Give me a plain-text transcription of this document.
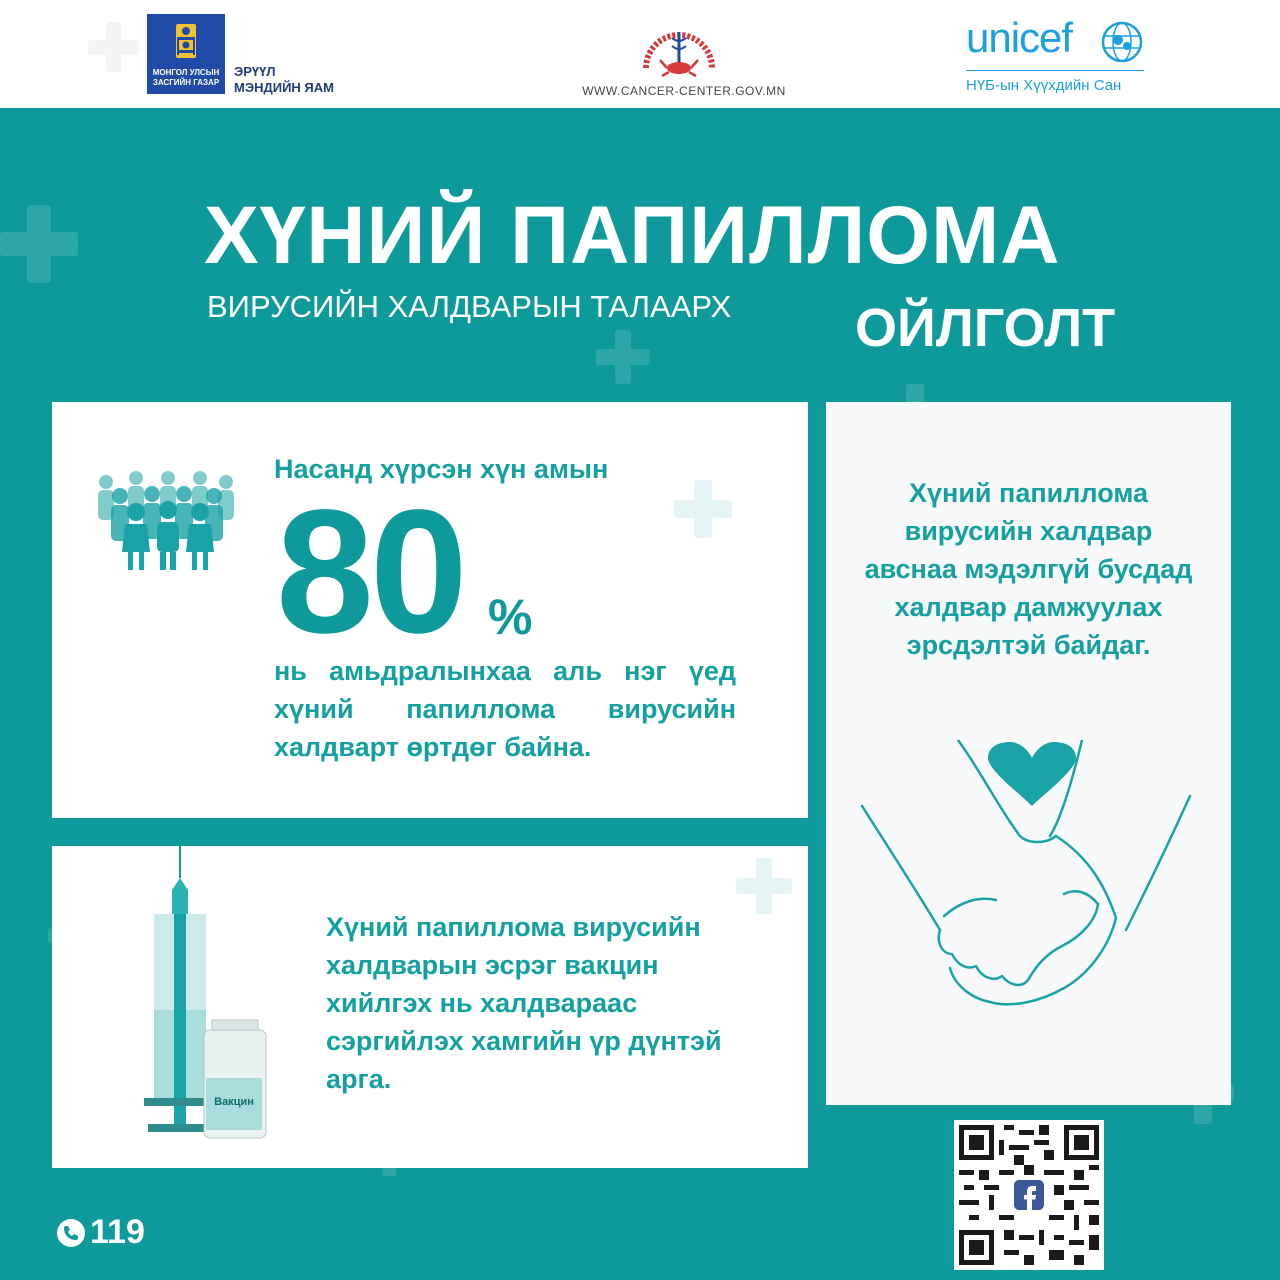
МОНГОЛ УЛСЫН ЗАСГИЙН ГАЗАР
ЭРҮҮЛ
МЭНДИЙН ЯАМ	WWW.CANCER-CENTER.GOV.MN
unicef
НҮБ-ын Хүүхдийн Сан
ХҮНИЙ ПАПИЛЛОМА
ВИРУСИЙН ХАЛДВАРЫН ТАЛААРХ ОЙЛГОЛТ
Насанд хүрсэн хүн амын
80 %
нь амьдралынхаа аль нэг үед хүний папиллома вирусийн халдварт өртдөг байна.
Хүний папиллома вирусийн халдварын эсрэг вакцин хийлгэх нь халдвараас сэргийлэх хамгийн үр дүнтэй арга.
Вакцин
Хүний папиллома вирусийн халдвар авснаа мэдэлгүй бусдад халдвар дамжуулах эрсдэлтэй байдаг.
119
